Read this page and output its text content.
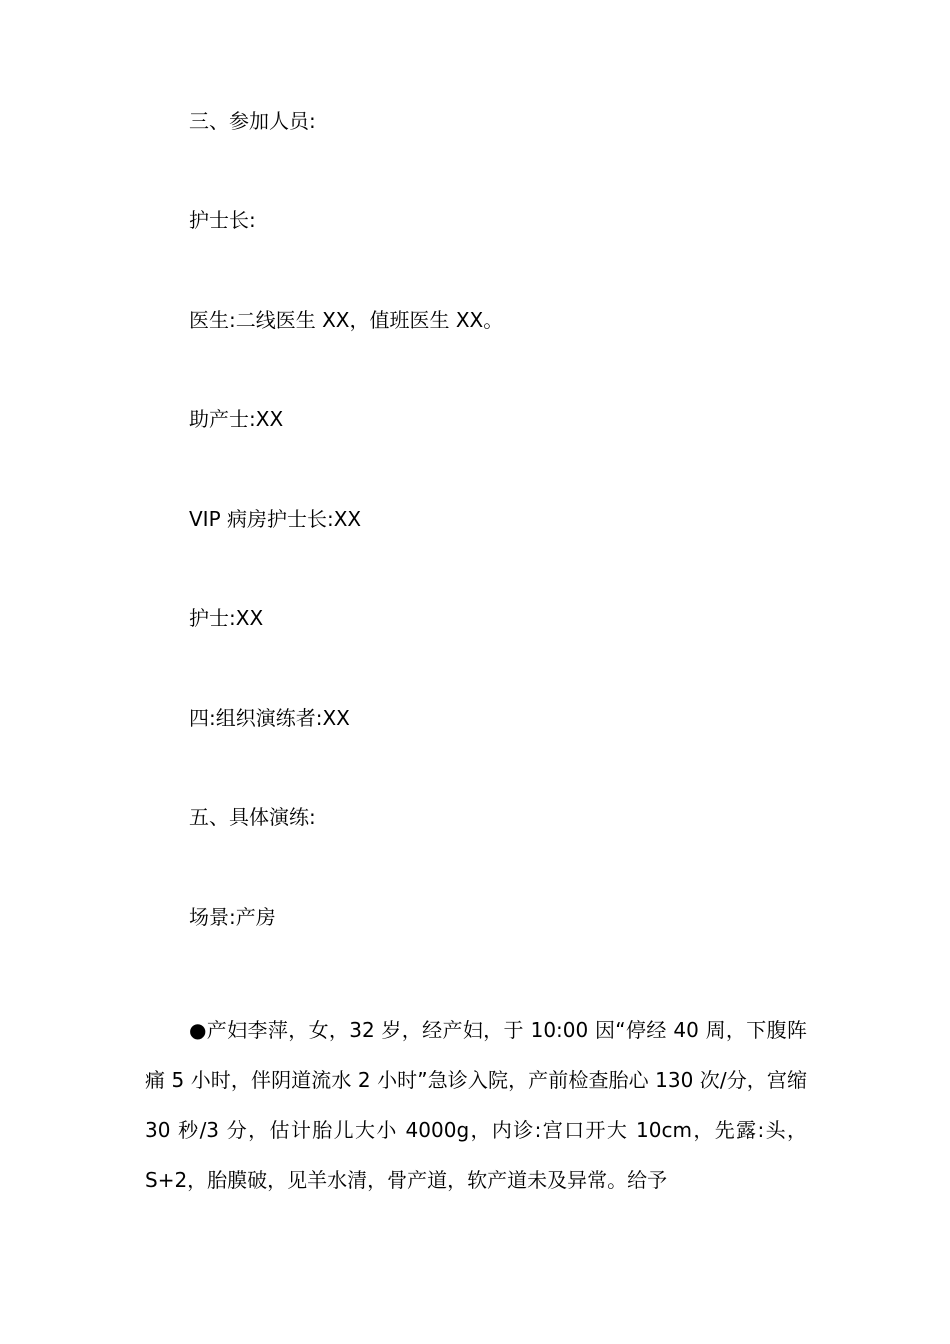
三、参加人员:
护士长:
医生:二线医生 XX，值班医生 XX。
助产士:XX
VIP 病房护士长:XX
护士:XX
四:组织演练者:XX
五、具体演练:
场景:产房
●产妇李萍，女，32 岁，经产妇，于 10:00 因“停经 40 周，下腹阵痛 5 小时，伴阴道流水 2 小时”急诊入院，产前检查胎心 130 次/分，宫缩 30 秒/3 分，估计胎儿大小 4000g，内诊:宫口开大 10cm，先露:头，S+2，胎膜破，见羊水清，骨产道，软产道未及异常。给予
